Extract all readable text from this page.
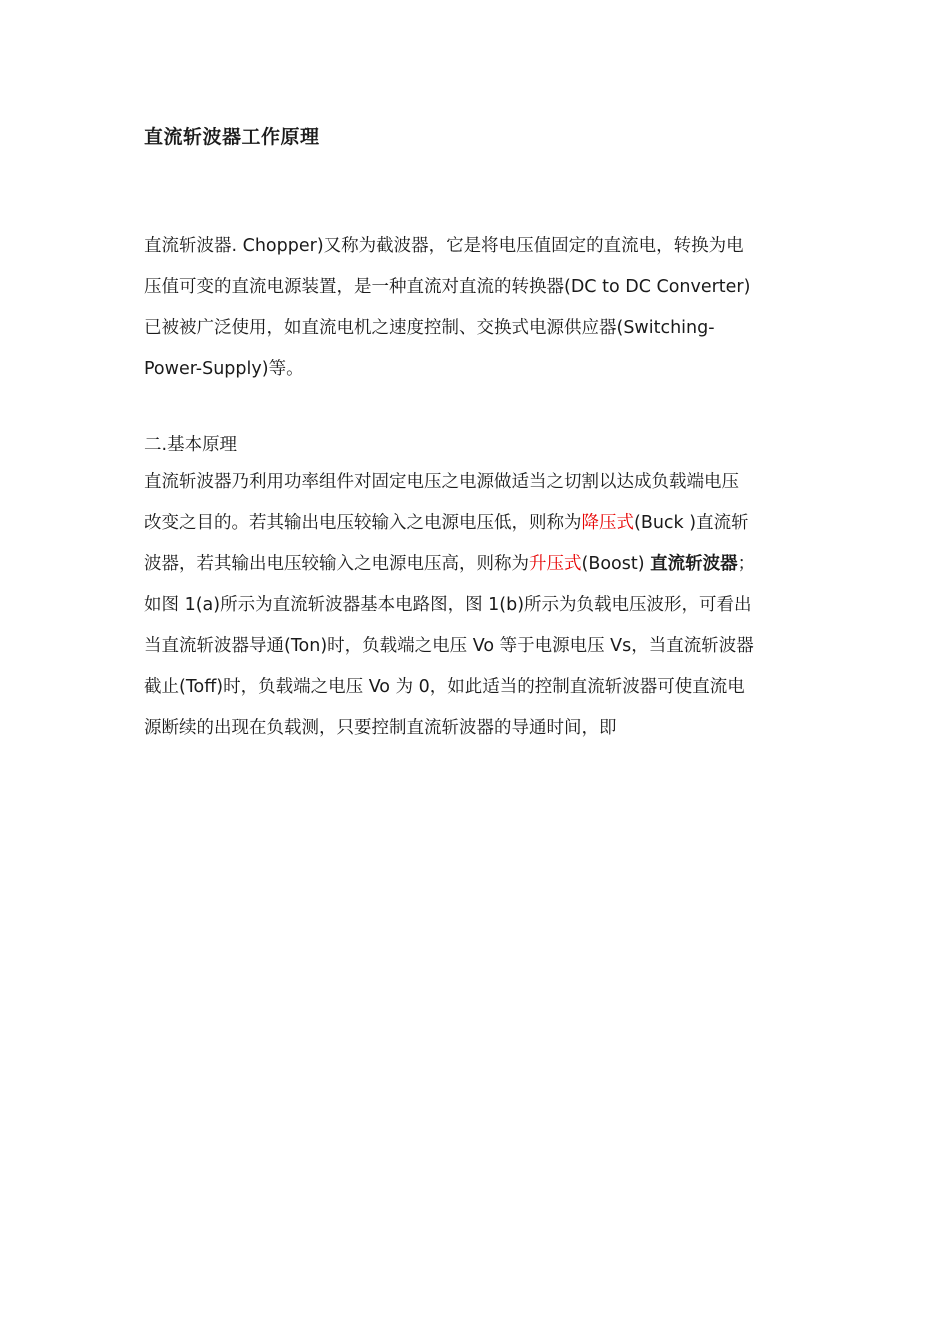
直流斩波器工作原理
直流斩波器. Chopper)又称为截波器，它是将电压值固定的直流电，转换为电
压值可变的直流电源装置，是一种直流对直流的转换器(DC to DC Converter)
已被被广泛使用，如直流电机之速度控制、交换式电源供应器(Switching-
Power-Supply)等。
二.基本原理
直流斩波器乃利用功率组件对固定电压之电源做适当之切割以达成负载端电压
改变之目的。若其输出电压较输入之电源电压低，则称为降压式(Buck )直流斩
波器，若其输出电压较输入之电源电压高，则称为升压式(Boost) 直流斩波器；
如图 1(a)所示为直流斩波器基本电路图，图 1(b)所示为负载电压波形，可看出
当直流斩波器导通(Ton)时，负载端之电压 Vo 等于电源电压 Vs，当直流斩波器
截止(Toff)时，负载端之电压 Vo 为 0，如此适当的控制直流斩波器可使直流电
源断续的出现在负载测，只要控制直流斩波器的导通时间，即
